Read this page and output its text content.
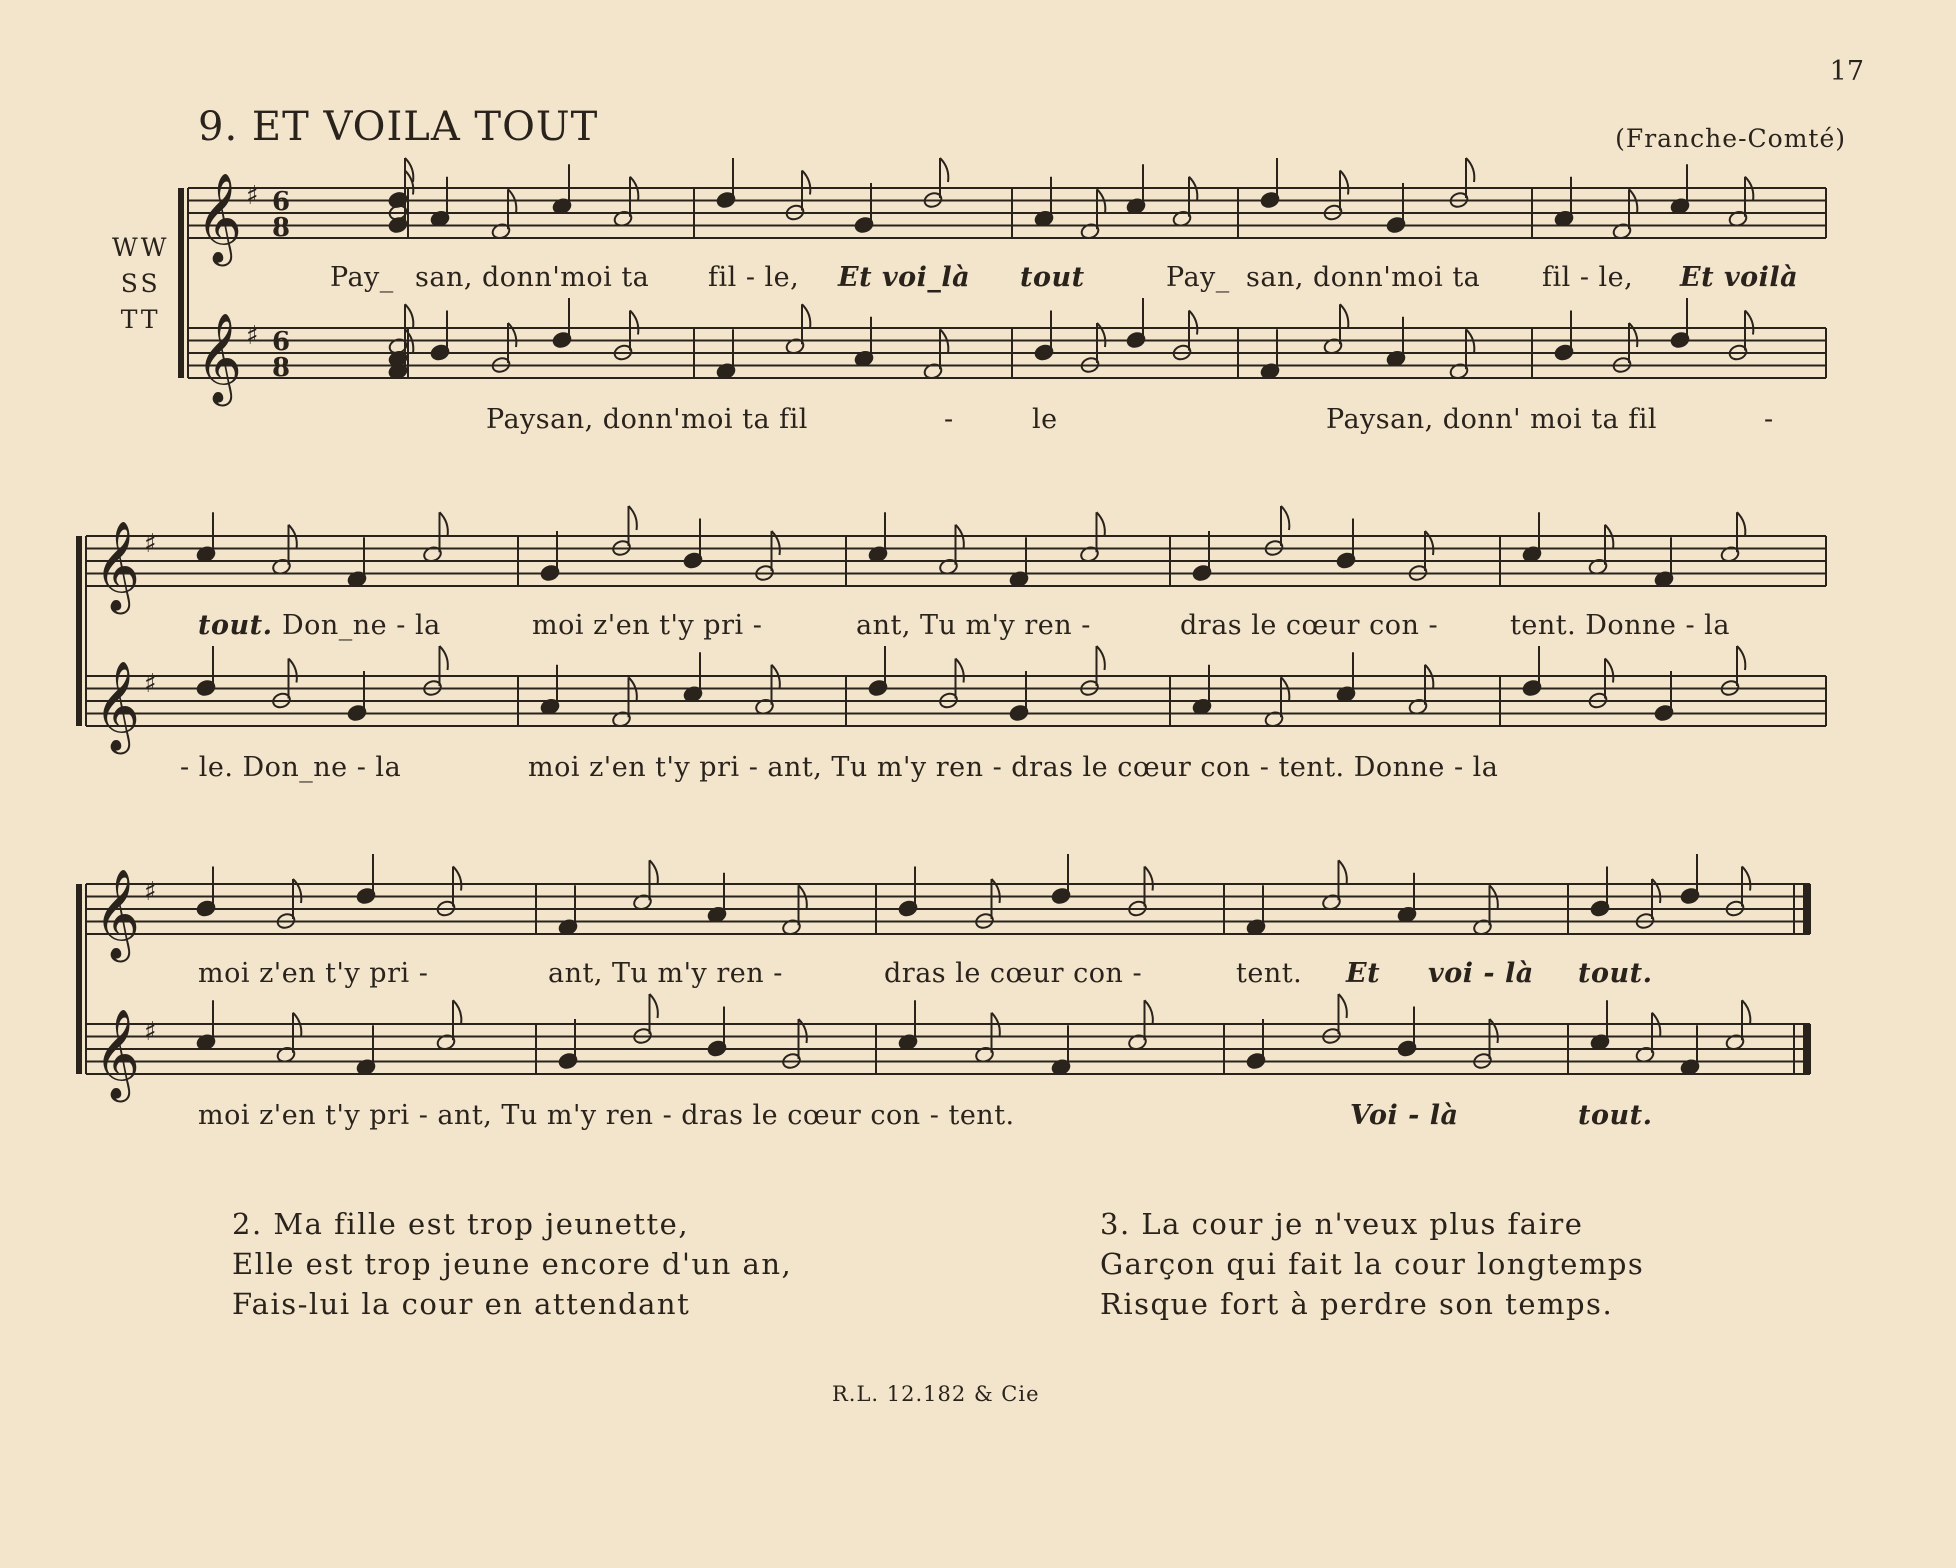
17
9. ET VOILA TOUT	(Franche-Comté)
WW
SS
TT
𝄞 ♯ 6
8
𝄞 ♯ 6
8
𝄞 ♯
𝄞 ♯
𝄞 ♯
𝄞 ♯
Pay_ san, donn'moi ta fil - le, Et voi_là tout	Pay_ san, donn'moi ta fil - le, Et voilà
Paysan, donn'moi ta fil	-	le	Paysan, donn' moi ta fil	-
tout. Don_ne - la	moi z'en t'y pri -	ant, Tu m'y ren -	dras le cœur con -	tent. Donne - la
- le. Don_ne - la	moi z'en t'y pri - ant, Tu m'y ren - dras le cœur con - tent. Donne - la
moi z'en t'y pri -	ant, Tu m'y ren -	dras le cœur con -	tent. Et voi - là tout.
moi z'en t'y pri - ant, Tu m'y ren - dras le cœur con - tent.	Voi - là	tout.
2. Ma fille est trop jeunette,
Elle est trop jeune encore d'un an,
Fais-lui la cour en attendant
3. La cour je n'veux plus faire
Garçon qui fait la cour longtemps
Risque fort à perdre son temps.
R.L. 12.182 & Cie
